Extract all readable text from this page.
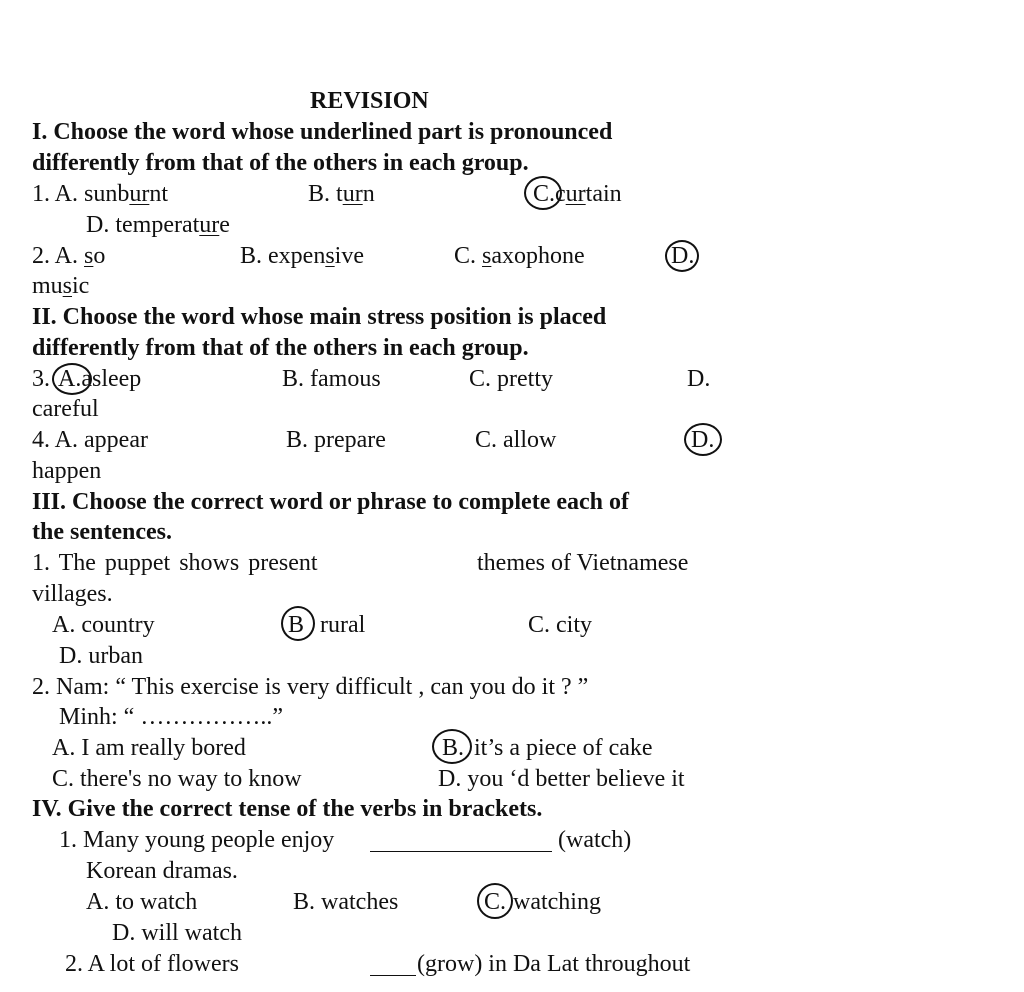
REVISION
I. Choose the word whose underlined part is pronounced
differently from that of the others in each group.
1. A. sunburnt	B. turn	C.curtain
D. temperature
2. A. so	B. expensive	C. saxophone	D.
music
II. Choose the word whose main stress position is placed
differently from that of the others in each group.
3. A.asleep	B. famous	C. pretty	D.
careful
4. A. appear	B. prepare	C. allow	D.
happen
III. Choose the correct word or phrase to complete each of
the sentences.
1. The puppet shows present	themes of Vietnamese
villages.
A. country	B rural	C. city
D. urban
2. Nam: “ This exercise is very difficult , can you do it ? ”
Minh: “ ……………..”
A. I am really bored	B. it’s a piece of cake
C. there's no way to know	D. you ‘d better believe it
IV. Give the correct tense of the verbs in brackets.
1. Many young people enjoy	(watch)
Korean dramas.
A. to watch	B. watches	C. watching
D. will watch
2. A lot of flowers	(grow) in Da Lat throughout
